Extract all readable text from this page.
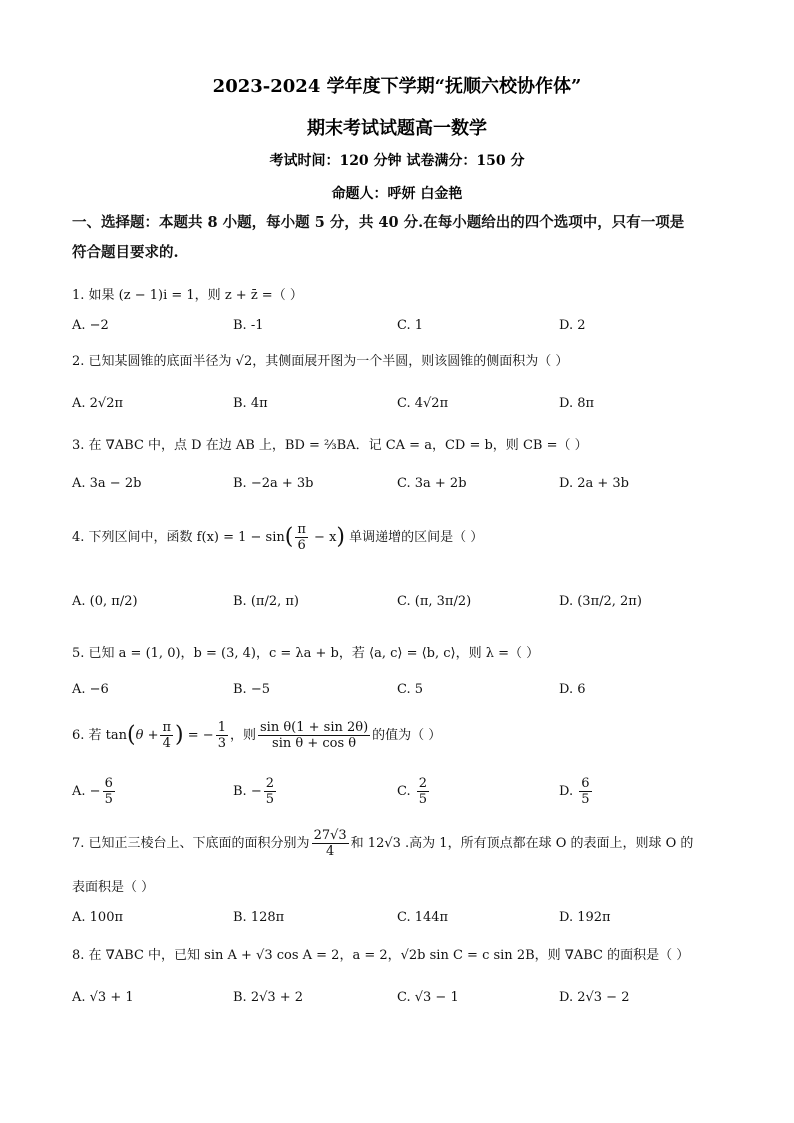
2023-2024 学年度下学期“抚顺六校协作体”
期末考试试题高一数学
考试时间：120 分钟 试卷满分：150 分
命题人：呼妍 白金艳
一、选择题：本题共 8 小题，每小题 5 分，共 40 分.在每小题给出的四个选项中，只有一项是
符合题目要求的.
1. 如果 (z − 1)i = 1，则 z + z̄ =（ ）
A. −2	B. -1	C. 1	D. 2
2. 已知某圆锥的底面半径为 √2，其侧面展开图为一个半圆，则该圆锥的侧面积为（ ）
A. 2√2π	B. 4π	C. 4√2π	D. 8π
3. 在 ∇ABC 中，点 D 在边 AB 上，BD = ⅔BA．记 CA = a，CD = b，则 CB =（ ）
A. 3a − 2b	B. −2a + 3b	C. 3a + 2b	D. 2a + 3b
4. 下列区间中，函数 $f(x) = 1 - \sin( \frac{\pi}{6} - x)$ 单调递增的区间是（ ）
A. (0, π/2)	B. (π/2, π)	C. (π, 3π/2)	D. (3π/2, 2π)
5. 已知 a = (1, 0)，b = (3, 4)，c = λa + b，若 ⟨a, c⟩ = ⟨b, c⟩，则 λ =（ ）
A. −6	B. −5	C. 5	D. 6
6. 若 $\tan(\theta + \frac{\pi}{4}$ ) = − $\frac{1}{3}$ ，则 $\frac{\text{sin θ(1 + sin 2θ)}}{\text{sin θ + cos θ}}$ 的值为（ ）
A. − $\frac{6}{5}$	B. − $\frac{2}{5}$	C. $\frac{2}{5}$	D. $\frac{6}{5}$
7. 已知正三棱台上、下底面的面积分别为 $\frac{27√3}{4}$ 和 12√3 .高为 1，所有顶点都在球 O 的表面上，则球 O 的
表面积是（ ）
A. 100π	B. 128π	C. 144π	D. 192π
8. 在 ∇ABC 中，已知 sin A + √3 cos A = 2，a = 2，√2b sin C = c sin 2B，则 ∇ABC 的面积是（ ）
A. √3 + 1	B. 2√3 + 2	C. √3 − 1	D. 2√3 − 2
